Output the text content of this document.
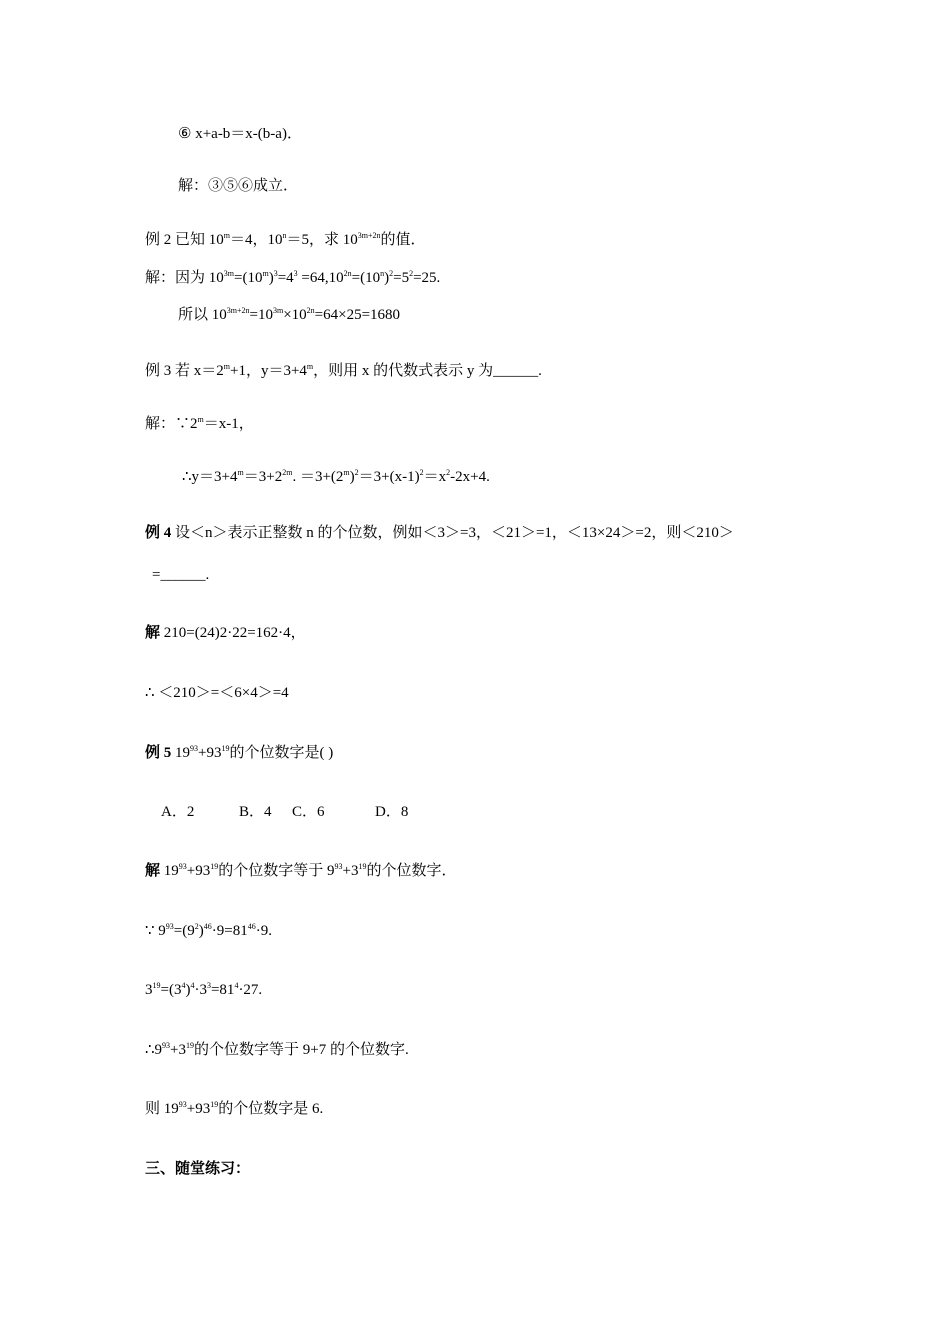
⑥ x+a-b＝x-(b-a)．
解：③⑤⑥成立．
例 2 已知 $10^m=4$，$10^n=5$，求 $10^{3m+2n}$的值．
解：因为 $10^{3m}=(10^m)^3=4^3 =64,10^{2n}=(10^n)^2=5^2=25$.
所以 $10^{3m+2n}=10^{3m}\times 10^{2n}=64\times 25=1680$
例 3 若 $x=2^m+1$，$y=3+4^m$，则用 x 的代数式表示 y 为______.
解：$\because 2^m=x-1$，
$\therefore y=3+4^m=3+2^{2m}$. $=3+(2^m)^2=3+(x-1)^2=x^2-2x+4$.
例 4 设＜n＞表示正整数 n 的个位数，例如＜3＞=3，＜21＞=1，＜13×24＞=2，则＜210＞
=______.
解 210=(24)2·22=162·4，
∴ ＜210＞=＜6×4＞=4
例 5 $19^{93}+93^{19}$的个位数字是( )
A．2	B．4 C．6	D．8
解 $19^{93}+93^{19}$的个位数字等于 $9^{93}+3^{19}$的个位数字．
∵ $9^{93}=(9^2)^{46}\cdot 9=81^{46}\cdot 9$.
$3^{19}=(3^4)^4\cdot 3^3=81^4\cdot 27$.
$\therefore 9^{93}+3^{19}$的个位数字等于 9+7 的个位数字.
则 $19^{93}+93^{19}$的个位数字是 6.
三、随堂练习：
